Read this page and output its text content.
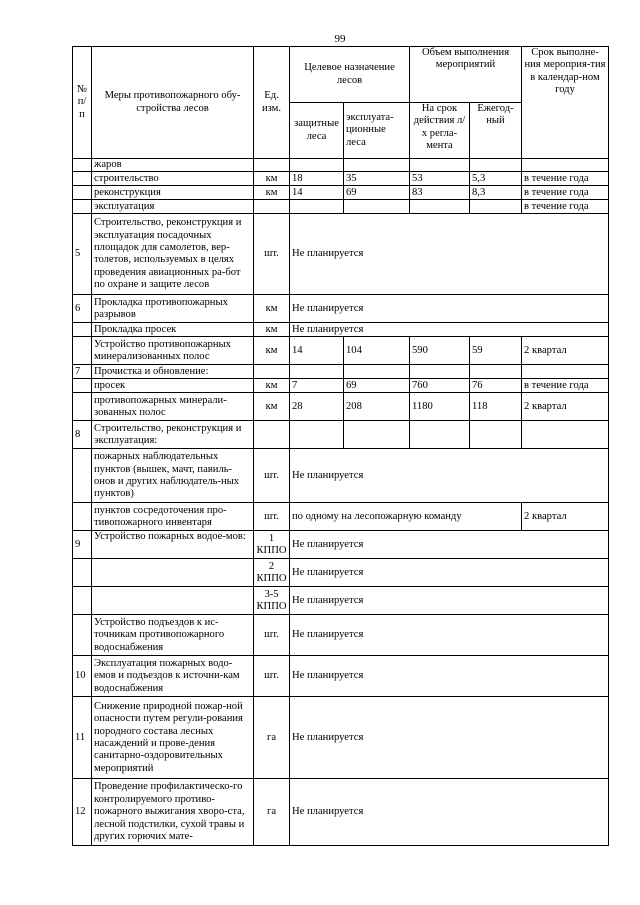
99
№ п/п	Меры противопожарного обу-стройства лесов	Ед. изм.	Целевое назначение лесов		Объем выполнения мероприятий		Срок выполне-ния мероприя-тия в календар-ном году
			защитные леса	эксплуата-ционные леса	На срок действия л/х регла-мента	Ежегод-ный	
	жаров						
	строительство	км	18	35	53	5,3	в течение года
	реконструкция	км	14	69	83	8,3	в течение года
	эксплуатация						в течение года
5	Строительство, реконструкция и эксплуатация посадочных площадок для самолетов, вер-толетов, используемых в целях проведения авиационных ра-бот по охране и защите лесов	шт.	Не планируется				
6	Прокладка противопожарных разрывов	км	Не планируется				
	Прокладка просек	км	Не планируется				
	Устройство противопожарных минерализованных полос	км	14	104	590	59	2 квартал
7	Прочистка и обновление:						
	просек	км	7	69	760	76	в течение года
	противопожарных минерали-зованных полос	км	28	208	1180	118	2 квартал
8	Строительство, реконструкция и эксплуатация:						
	пожарных наблюдательных пунктов (вышек, мачт, павиль-онов и других наблюдатель-ных пунктов)	шт.	Не планируется				
	пунктов сосредоточения про-тивопожарного инвентаря	шт.	по одному на лесопожарную команду				2 квартал
9	Устройство пожарных водое-мов:	1 КППО	Не планируется				
		2 КППО	Не планируется				
		3-5 КППО	Не планируется				
	Устройство подъездов к ис-точникам противопожарного водоснабжения	шт.	Не планируется				
10	Эксплуатация пожарных водо-емов и подъездов к источни-кам водоснабжения	шт.	Не планируется				
11	Снижение природной пожар-ной опасности путем регули-рования породного состава лесных насаждений и прове-дения санитарно-оздоровительных мероприятий	га	Не планируется				
12	Проведение профилактическо-го контролируемого противо-пожарного выжигания хворо-ста, лесной подстилки, сухой травы и других горючих мате-	га	Не планируется				
